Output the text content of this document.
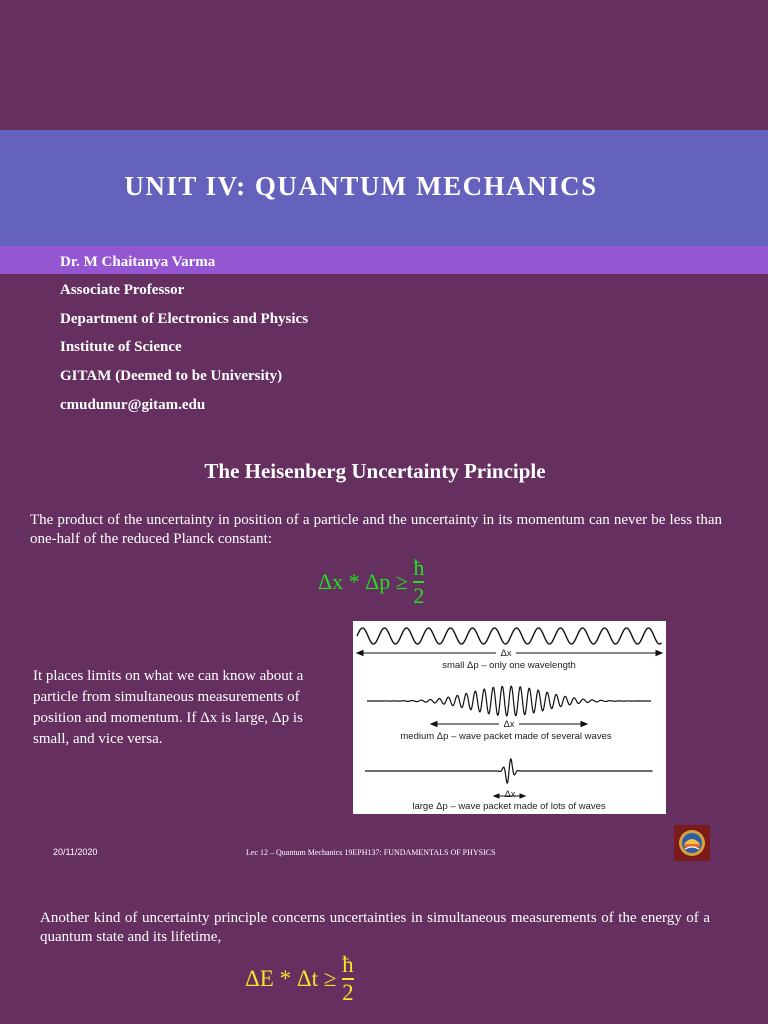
UNIT IV: QUANTUM MECHANICS
Dr. M Chaitanya Varma
Associate Professor
Department of Electronics and Physics
Institute of Science
GITAM (Deemed to be University)
cmudunur@gitam.edu
The Heisenberg Uncertainty Principle
The product of the uncertainty in position of a particle and the uncertainty in its momentum can never be less than one-half of the reduced Planck constant:
$\Delta x * \Delta p \ge \frac{ħ}{2}$
It places limits on what we can know about a particle from simultaneous measurements of position and momentum. If Δx is large, Δp is small, and vice versa.
Δx
small Δp – only one wavelength
Δx
medium Δp – wave packet made of several waves
Δx
large Δp – wave packet made of lots of waves
20/11/2020	Lec 12 – Quantum Mechanics 19EPH137: FUNDAMENTALS OF PHYSICS
Another kind of uncertainty principle concerns uncertainties in simultaneous measurements of the energy of a quantum state and its lifetime,
$\Delta E * \Delta t \ge \frac{ħ}{2}$
